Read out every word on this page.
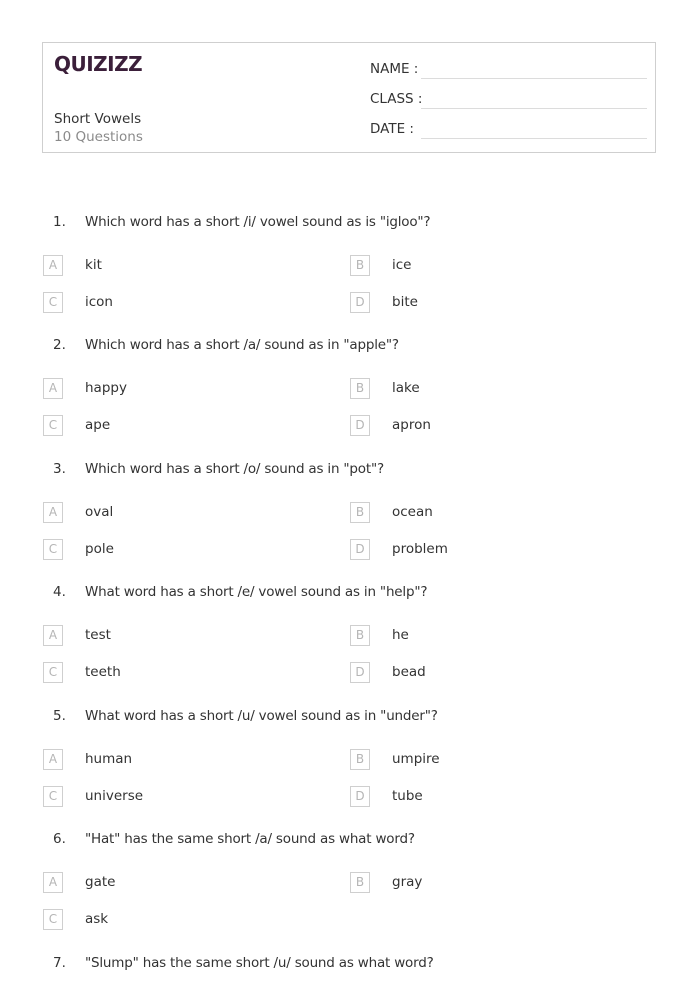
QUIZIZZ
Short Vowels
10 Questions
NAME :
CLASS :
DATE :
1. Which word has a short /i/ vowel sound as is "igloo"?
A	kit	B	ice
C	icon	D	bite
2. Which word has a short /a/ sound as in "apple"?
A	happy	B	lake
C	ape	D	apron
3. Which word has a short /o/ sound as in "pot"?
A	oval	B	ocean
C	pole	D	problem
4. What word has a short /e/ vowel sound as in "help"?
A	test	B	he
C	teeth	D	bead
5. What word has a short /u/ vowel sound as in "under"?
A	human	B	umpire
C	universe	D	tube
6. "Hat" has the same short /a/ sound as what word?
A	gate	B	gray
C	ask
7. "Slump" has the same short /u/ sound as what word?
